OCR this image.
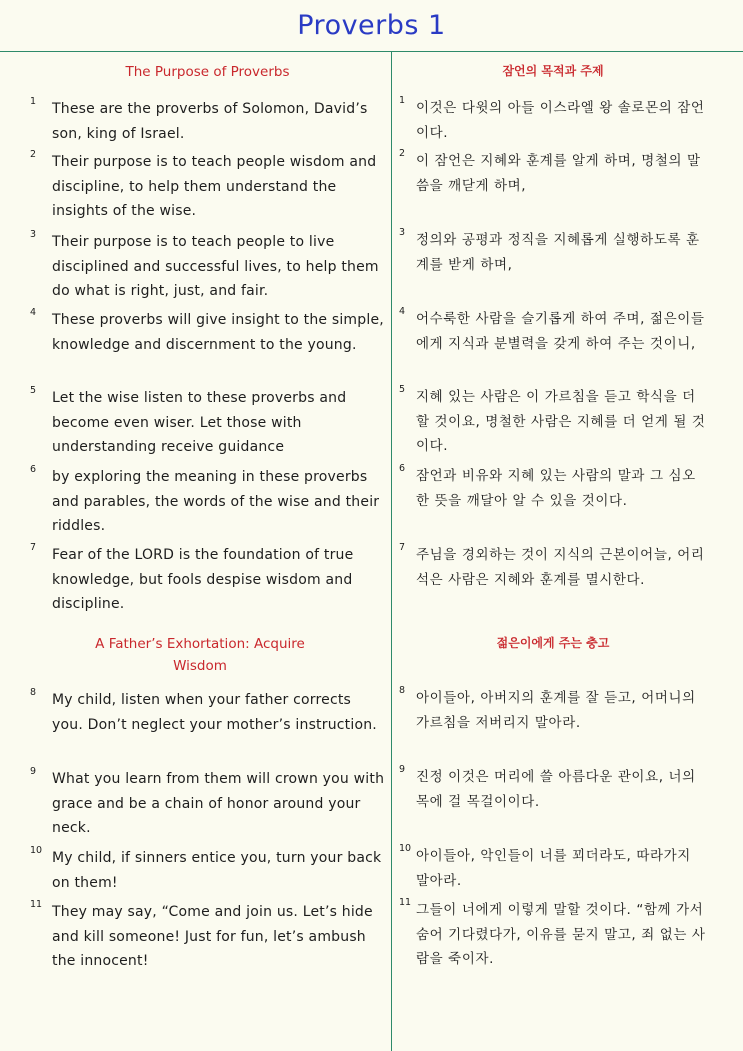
Proverbs 1
The Purpose of Proverbs
1 These are the proverbs of Solomon, David’s son, king of Israel.
2 Their purpose is to teach people wisdom and discipline, to help them understand the insights of the wise.
3 Their purpose is to teach people to live disciplined and successful lives, to help them do what is right, just, and fair.
4 These proverbs will give insight to the simple, knowledge and discernment to the young.
5 Let the wise listen to these proverbs and become even wiser. Let those with understanding receive guidance
6 by exploring the meaning in these proverbs and parables, the words of the wise and their riddles.
7 Fear of the LORD is the foundation of true knowledge, but fools despise wisdom and discipline.
A Father’s Exhortation: Acquire Wisdom
8 My child, listen when your father corrects you. Don’t neglect your mother’s instruction.
9 What you learn from them will crown you with grace and be a chain of honor around your neck.
10 My child, if sinners entice you, turn your back on them!
11 They may say, “Come and join us. Let’s hide and kill someone! Just for fun, let’s ambush the innocent!
잠언의 목적과 주제
1 이것은 다윗의 아들 이스라엘 왕 솔로몬의 잠언이다.
2 이 잠언은 지혜와 훈계를 알게 하며, 명철의 말씀을 깨닫게 하며,
3 정의와 공평과 정직을 지혜롭게 실행하도록 훈계를 받게 하며,
4 어수룩한 사람을 슬기롭게 하여 주며, 젊은이들에게 지식과 분별력을 갖게 하여 주는 것이니,
5 지혜 있는 사람은 이 가르침을 듣고 학식을 더할 것이요, 명철한 사람은 지혜를 더 얻게 될 것이다.
6 잠언과 비유와 지혜 있는 사람의 말과 그 심오한 뜻을 깨달아 알 수 있을 것이다.
7 주님을 경외하는 것이 지식의 근본이어늘, 어리석은 사람은 지혜와 훈계를 멸시한다.
젊은이에게 주는 충고
8 아이들아, 아버지의 훈계를 잘 듣고, 어머니의 가르침을 저버리지 말아라.
9 진정 이것은 머리에 쓸 아름다운 관이요, 너의 목에 걸 목걸이이다.
10 아이들아, 악인들이 너를 꾀더라도, 따라가지 말아라.
11 그들이 너에게 이렇게 말할 것이다. “함께 가서 숨어 기다렸다가, 이유를 묻지 말고, 죄 없는 사람을 죽이자.
